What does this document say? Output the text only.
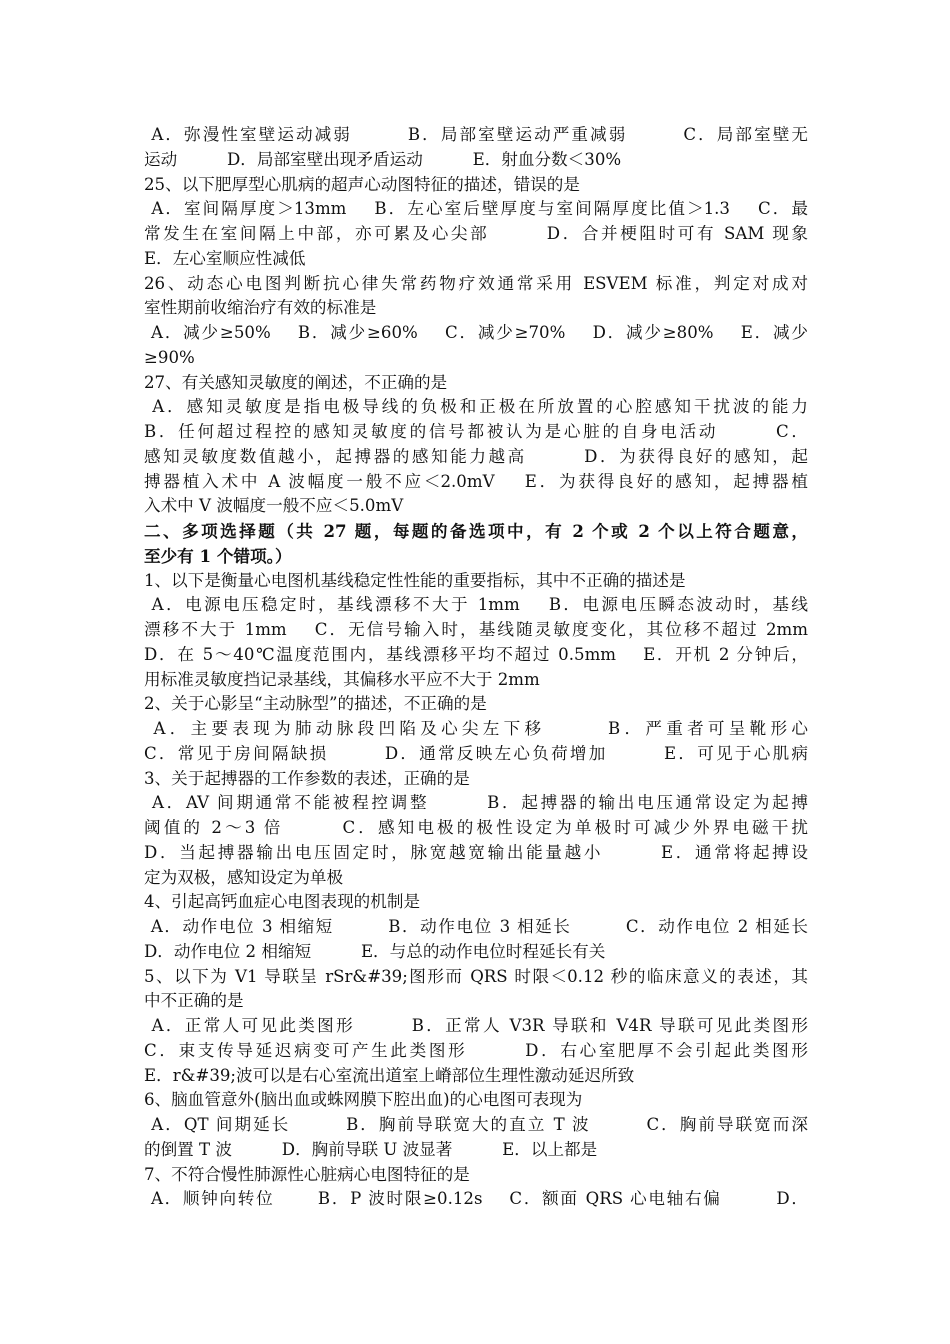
A．弥漫性室壁运动减弱　　　B．局部室壁运动严重减弱　　　C．局部室壁无
运动　　　D．局部室壁出现矛盾运动　　　E．射血分数＜30%
25、以下肥厚型心肌病的超声心动图特征的描述，错误的是
A．室间隔厚度＞13mm　 B．左心室后壁厚度与室间隔厚度比值＞1.3　 C．最
常发生在室间隔上中部，亦可累及心尖部　　　D．合并梗阻时可有 SAM 现象
E．左心室顺应性减低
26、动态心电图判断抗心律失常药物疗效通常采用 ESVEM 标准，判定对成对
室性期前收缩治疗有效的标准是
A．减少≥50%　 B．减少≥60%　 C．减少≥70%　 D．减少≥80%　 E．减少
≥90%
27、有关感知灵敏度的阐述，不正确的是
A．感知灵敏度是指电极导线的负极和正极在所放置的心腔感知干扰波的能力
B．任何超过程控的感知灵敏度的信号都被认为是心脏的自身电活动　　　C．
感知灵敏度数值越小，起搏器的感知能力越高　　　D．为获得良好的感知，起
搏器植入术中 A 波幅度一般不应＜2.0mV　 E．为获得良好的感知，起搏器植
入术中 V 波幅度一般不应＜5.0mV
二、多项选择题（共 27 题，每题的备选项中，有 2 个或 2 个以上符合题意，
至少有 1 个错项。）
1、以下是衡量心电图机基线稳定性性能的重要指标，其中不正确的描述是
A．电源电压稳定时，基线漂移不大于 1mm　 B．电源电压瞬态波动时，基线
漂移不大于 1mm　 C．无信号输入时，基线随灵敏度变化，其位移不超过 2mm
D．在 5～40℃温度范围内，基线漂移平均不超过 0.5mm　 E．开机 2 分钟后，
用标准灵敏度挡记录基线，其偏移水平应不大于 2mm
2、关于心影呈“主动脉型”的描述，不正确的是
A．主要表现为肺动脉段凹陷及心尖左下移　　　B．严重者可呈靴形心
C．常见于房间隔缺损　　　D．通常反映左心负荷增加　　　E．可见于心肌病
3、关于起搏器的工作参数的表述，正确的是
A．AV 间期通常不能被程控调整　　　B．起搏器的输出电压通常设定为起搏
阈值的 2～3 倍　　　C．感知电极的极性设定为单极时可减少外界电磁干扰
D．当起搏器输出电压固定时，脉宽越宽输出能量越小　　　E．通常将起搏设
定为双极，感知设定为单极
4、引起高钙血症心电图表现的机制是
A．动作电位 3 相缩短　　　B．动作电位 3 相延长　　　C．动作电位 2 相延长
D．动作电位 2 相缩短　　　E．与总的动作电位时程延长有关
5、以下为 V1 导联呈 rSr&#39;图形而 QRS 时限＜0.12 秒的临床意义的表述，其
中不正确的是
A．正常人可见此类图形　　　B．正常人 V3R 导联和 V4R 导联可见此类图形
C．束支传导延迟病变可产生此类图形　　　D．右心室肥厚不会引起此类图形
E．r&#39;波可以是右心室流出道室上嵴部位生理性激动延迟所致
6、脑血管意外(脑出血或蛛网膜下腔出血)的心电图可表现为
A．QT 间期延长　　　B．胸前导联宽大的直立 T 波　　　C．胸前导联宽而深
的倒置 T 波　　　D．胸前导联 U 波显著　　　E．以上都是
7、不符合慢性肺源性心脏病心电图特征的是
A．顺钟向转位　　 B．P 波时限≥0.12s　 C．额面 QRS 心电轴右偏　　　D．
